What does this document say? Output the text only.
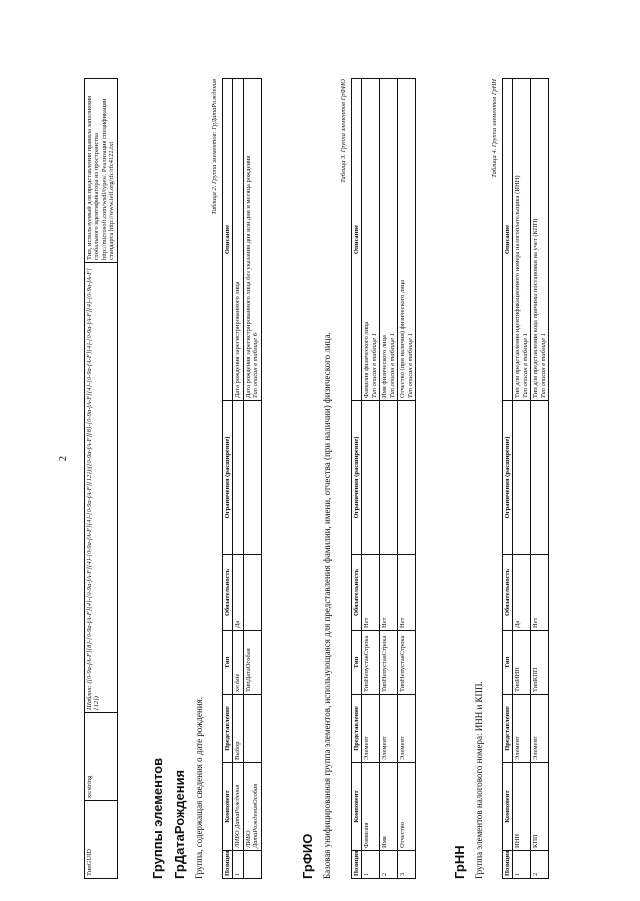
2
ТипGUID	xs:string	Шаблон: ([0-9a-fA-F]{8}-[0-9a-fA-F]{4}-[0-9a-fA-F]{4}-[0-9a-fA-F]{4}-[0-9a-fA-F]{12})|([0-9a-fA-F]{8}-[0-9a-fA-F]{4}-[0-9a-fA-F]{4}-[0-9a-fA-F]{4}-[0-9a-fA-F]{12})	Тип, используемый для представления правила заполнения глобального идентификатора из пространства http://microsoft.com/wsdl/types/. Реализация спецификации стандарта http://www.ietf.org/rfc/rfc4122.txt
Группы элементов ГрДатаРождения Группа, содержащая сведения о дате рождения.
Таблица 2. Группа элементов: ГрДатаРождения
Позиция	Компонент	Представление	Тип	Обязательность	Ограничения (расширение)	Описание
1	ЛИБО ДатаРождения	Выбор	xs:date	Да		Дата рождения зарегистрированного лица
	ЛИБО ДатаРожденияОсобая		ТипДатаОсобая			Дата рождения зарегистрированного лица без указания дня или дня и месяца рождения Тип описан в таблице 6
ГрФИО Базовая унифицированная группа элементов, использующаяся для представления фамилии, имени, отчества (при наличии) физического лица.
Таблица 3. Группа элементов ГрФИО
Позиция	Компонент	Представление	Тип	Обязательность	Ограничения (расширение)	Описание
1	Фамилия	Элемент	ТипНепустаяСтрока	Нет		Фамилия физического лица Тип описан в таблице 1

2	Имя	Элемент	ТипНепустаяСтрока	Нет		Имя физического лица Тип описан в таблице 1

3	Отчество	Элемент	ТипНепустаяСтрока	Нет		Отчество (при наличии) физического лица Тип описан в таблице 1
ГрНН Группа элементов налогового номера: ИНН и КПП.
Таблица 4. Группа элементов ГрНН
Позиция	Компонент	Представление	Тип	Обязательность	Ограничения (расширение)	Описание
1	ИНН	Элемент	ТипИНН	Да		Тип для представления идентификационного номера налогоплательщика (ИНН) Тип описан в таблице 1

2	КПП	Элемент	ТипКПП	Нет		Тип для представления кода причины постановки на учет (КПП) Тип описан в таблице 1
